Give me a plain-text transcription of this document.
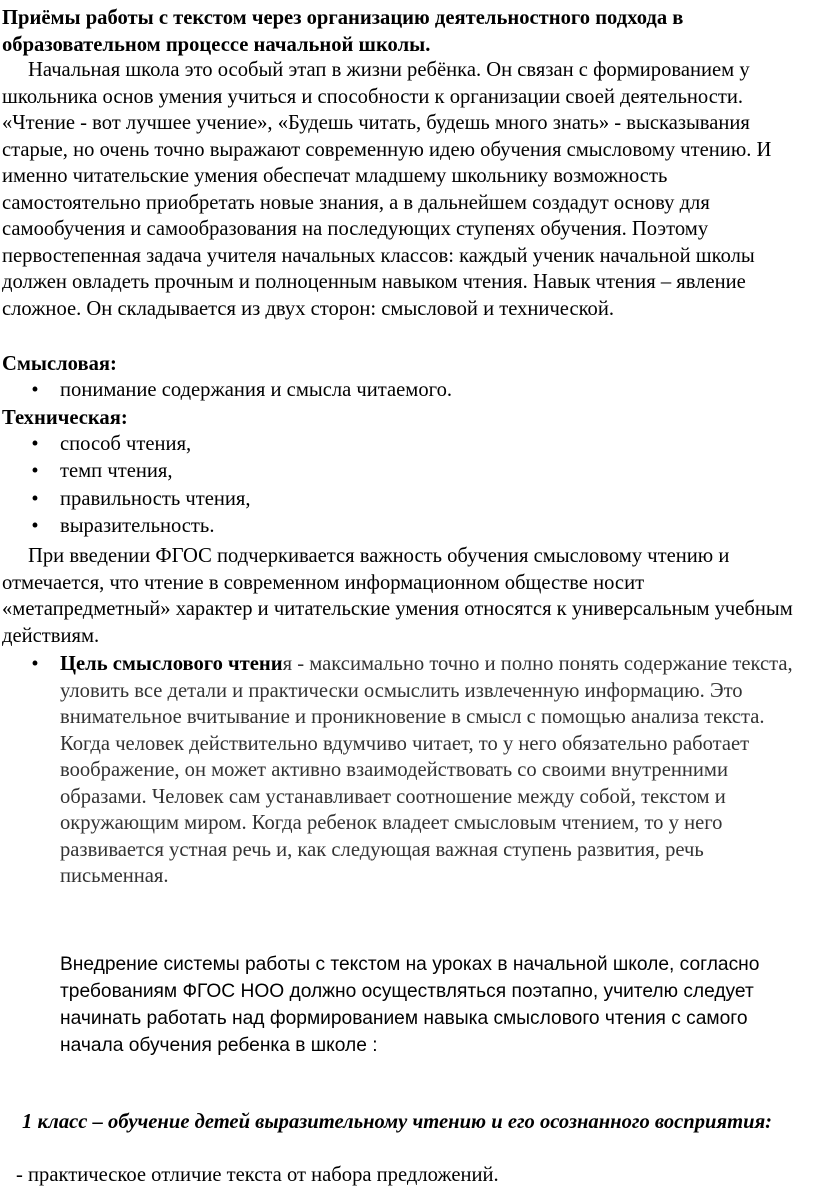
Приёмы работы с текстом через организацию деятельностного подхода в образовательном процессе начальной школы.
Начальная школа это особый этап в жизни ребёнка. Он связан с формированием у школьника основ умения учиться и способности к организации своей деятельности. «Чтение - вот лучшее учение», «Будешь читать, будешь много знать» - высказывания старые, но очень точно выражают современную идею обучения смысловому чтению. И именно читательские умения обеспечат младшему школьнику возможность самостоятельно приобретать новые знания, а в дальнейшем создадут основу для самообучения и самообразования на последующих ступенях обучения. Поэтому первостепенная задача учителя начальных классов: каждый ученик начальной школы должен овладеть прочным и полноценным навыком чтения. Навык чтения – явление сложное. Он складывается из двух сторон: смысловой и технической.
Смысловая:
• понимание содержания и смысла читаемого.
Техническая:
• способ чтения,
• темп чтения,
• правильность чтения,
• выразительность.
При введении ФГОС подчеркивается важность обучения смысловому чтению и отмечается, что чтение в современном информационном обществе носит «метапредметный» характер и читательские умения относятся к универсальным учебным действиям.
• Цель смыслового чтения - максимально точно и полно понять содержание текста, уловить все детали и практически осмыслить извлеченную информацию. Это внимательное вчитывание и проникновение в смысл с помощью анализа текста. Когда человек действительно вдумчиво читает, то у него обязательно работает воображение, он может активно взаимодействовать со своими внутренними образами. Человек сам устанавливает соотношение между собой, текстом и окружающим миром. Когда ребенок владеет смысловым чтением, то у него развивается устная речь и, как следующая важная ступень развития, речь письменная.
Внедрение системы работы с текстом на уроках в начальной школе, согласно требованиям ФГОС НОО должно осуществляться поэтапно, учителю следует начинать работать над формированием навыка смыслового чтения с самого начала обучения ребенка в школе :
1 класс – обучение детей выразительному чтению и его осознанного восприятия:
- практическое отличие текста от набора предложений.
